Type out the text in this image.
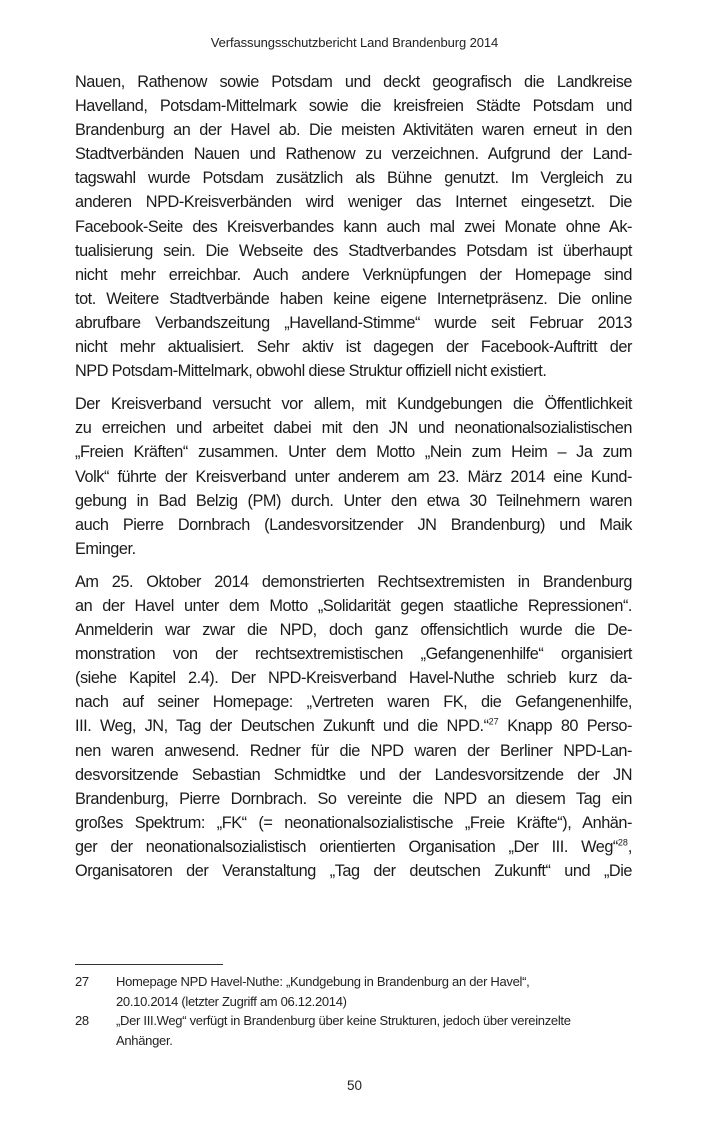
Verfassungsschutzbericht Land Brandenburg 2014

Nauen, Rathenow sowie Potsdam und deckt geografisch die Landkreise
Havelland, Potsdam-Mittelmark sowie die kreisfreien Städte Potsdam und
Brandenburg an der Havel ab. Die meisten Aktivitäten waren erneut in den
Stadtverbänden Nauen und Rathenow zu verzeichnen. Aufgrund der Land-
tagswahl wurde Potsdam zusätzlich als Bühne genutzt. Im Vergleich zu
anderen NPD-Kreisverbänden wird weniger das Internet eingesetzt. Die
Facebook-Seite des Kreisverbandes kann auch mal zwei Monate ohne Ak-
tualisierung sein. Die Webseite des Stadtverbandes Potsdam ist überhaupt
nicht mehr erreichbar. Auch andere Verknüpfungen der Homepage sind
tot. Weitere Stadtverbände haben keine eigene Internetpräsenz. Die online
abrufbare Verbandszeitung „Havelland-Stimme“ wurde seit Februar 2013
nicht mehr aktualisiert. Sehr aktiv ist dagegen der Facebook-Auftritt der
NPD Potsdam-Mittelmark, obwohl diese Struktur offiziell nicht existiert.

Der Kreisverband versucht vor allem, mit Kundgebungen die Öffentlichkeit
zu erreichen und arbeitet dabei mit den JN und neonationalsozialistischen
„Freien Kräften“ zusammen. Unter dem Motto „Nein zum Heim – Ja zum
Volk“ führte der Kreisverband unter anderem am 23. März 2014 eine Kund-
gebung in Bad Belzig (PM) durch. Unter den etwa 30 Teilnehmern waren
auch Pierre Dornbrach (Landesvorsitzender JN Brandenburg) und Maik
Eminger.

Am 25. Oktober 2014 demonstrierten Rechtsextremisten in Brandenburg
an der Havel unter dem Motto „Solidarität gegen staatliche Repressionen“.
Anmelderin war zwar die NPD, doch ganz offensichtlich wurde die De-
monstration von der rechtsextremistischen „Gefangenenhilfe“ organisiert
(siehe Kapitel 2.4). Der NPD-Kreisverband Havel-Nuthe schrieb kurz da-
nach auf seiner Homepage: „Vertreten waren FK, die Gefangenenhilfe,
III. Weg, JN, Tag der Deutschen Zukunft und die NPD.“$^{27}$ Knapp 80 Perso-
nen waren anwesend. Redner für die NPD waren der Berliner NPD-Lan-
desvorsitzende Sebastian Schmidtke und der Landesvorsitzende der JN
Brandenburg, Pierre Dornbrach. So vereinte die NPD an diesem Tag ein
großes Spektrum: „FK“ (= neonationalsozialistische „Freie Kräfte“), Anhän-
ger der neonationalsozialistisch orientierten Organisation „Der III. Weg“$^{28}$,
Organisatoren der Veranstaltung „Tag der deutschen Zukunft“ und „Die

27	Homepage NPD Havel-Nuthe: „Kundgebung in Brandenburg an der Havel“,
20.10.2014 (letzter Zugriff am 06.12.2014)
28	„Der III.Weg“ verfügt in Brandenburg über keine Strukturen, jedoch über vereinzelte
Anhänger.
50
